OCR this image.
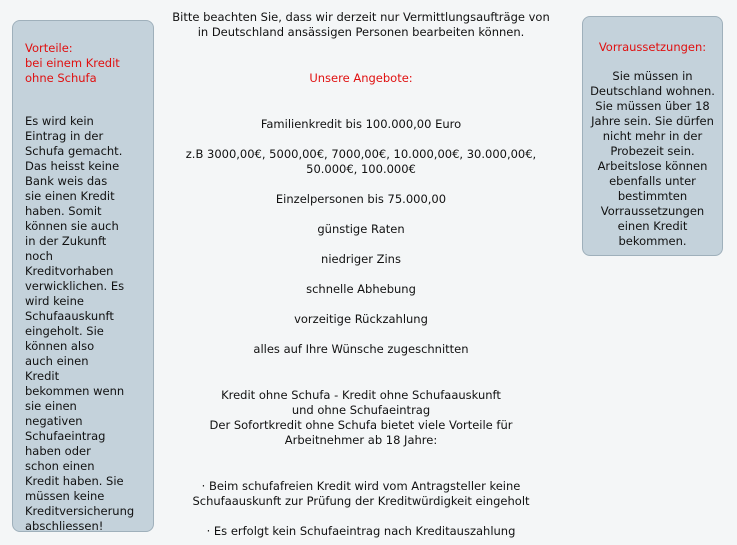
Vorteile:
bei einem Kredit ohne Schufa

Es wird kein Eintrag in der Schufa gemacht. Das heisst keine Bank weis das sie einen Kredit haben. Somit können sie auch in der Zukunft noch Kreditvorhaben verwicklichen. Es wird keine Schufaauskunft eingeholt. Sie können also auch einen Kredit bekommen wenn sie einen negativen Schufaeintrag haben oder schon einen Kredit haben. Sie müssen keine Kreditversicherung abschliessen!

Bitte beachten Sie, dass wir derzeit nur Vermittlungsaufträge von in Deutschland ansässigen Personen bearbeiten können.

Unsere Angebote:

Familienkredit bis 100.000,00 Euro

z.B 3000,00€, 5000,00€, 7000,00€, 10.000,00€, 30.000,00€, 50.000€, 100.000€

Einzelpersonen bis 75.000,00

günstige Raten

niedriger Zins

schnelle Abhebung

vorzeitige Rückzahlung

alles auf Ihre Wünsche zugeschnitten

Kredit ohne Schufa - Kredit ohne Schufaauskunft
und ohne Schufaeintrag
Der Sofortkredit ohne Schufa bietet viele Vorteile für Arbeitnehmer ab 18 Jahre:

· Beim schufafreien Kredit wird vom Antragsteller keine Schufaauskunft zur Prüfung der Kreditwürdigkeit eingeholt

· Es erfolgt kein Schufaeintrag nach Kreditauszahlung

Vorraussetzungen:

Sie müssen in Deutschland wohnen. Sie müssen über 18 Jahre sein. Sie dürfen nicht mehr in der Probezeit sein. Arbeitslose können ebenfalls unter bestimmten Vorraussetzungen einen Kredit bekommen.
